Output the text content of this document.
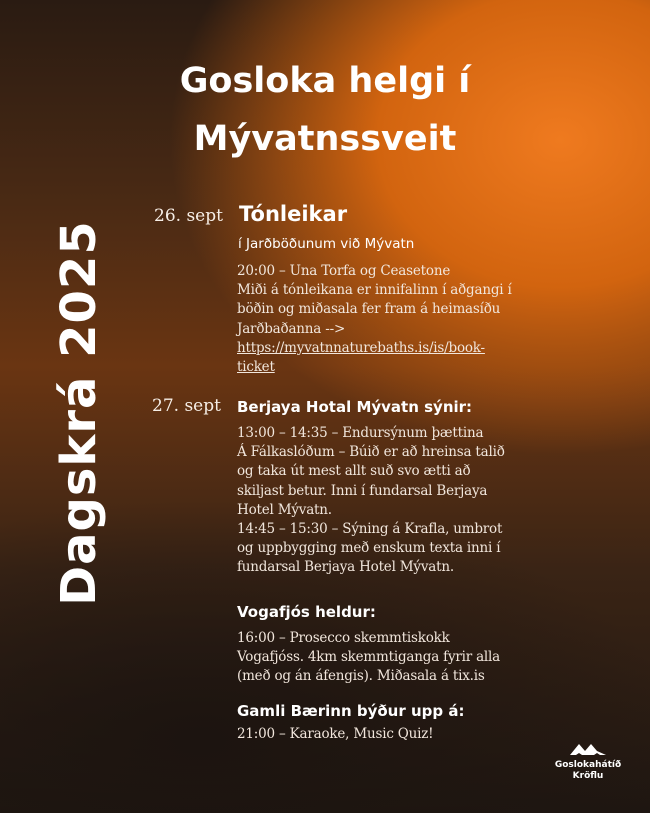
Gosloka helgi í
Mývatnssveit
Dagskrá 2025
26. sept Tónleikar
í Jarðböðunum við Mývatn

20:00 – Una Torfa og Ceasetone
Miði á tónleikana er innifalinn í aðgangi í
böðin og miðasala fer fram á heimasíðu
Jarðbaðanna -->
https://myvatnnaturebaths.is/is/book-
ticket

27. sept Berjaya Hotal Mývatn sýnir:

13:00 – 14:35 – Endursýnum þættina
Á Fálkaslóðum – Búið er að hreinsa talið
og taka út mest allt suð svo ætti að
skiljast betur. Inni í fundarsal Berjaya
Hotel Mývatn.
14:45 – 15:30 – Sýning á Krafla, umbrot
og uppbygging með enskum texta inni í
fundarsal Berjaya Hotel Mývatn.

Vogafjós heldur:

16:00 – Prosecco skemmtiskokk
Vogafjóss. 4km skemmtiganga fyrir alla
(með og án áfengis). Miðasala á tix.is

Gamli Bærinn býður upp á:

21:00 – Karaoke, Music Quiz!

Goslokahátíð
Kröflu
